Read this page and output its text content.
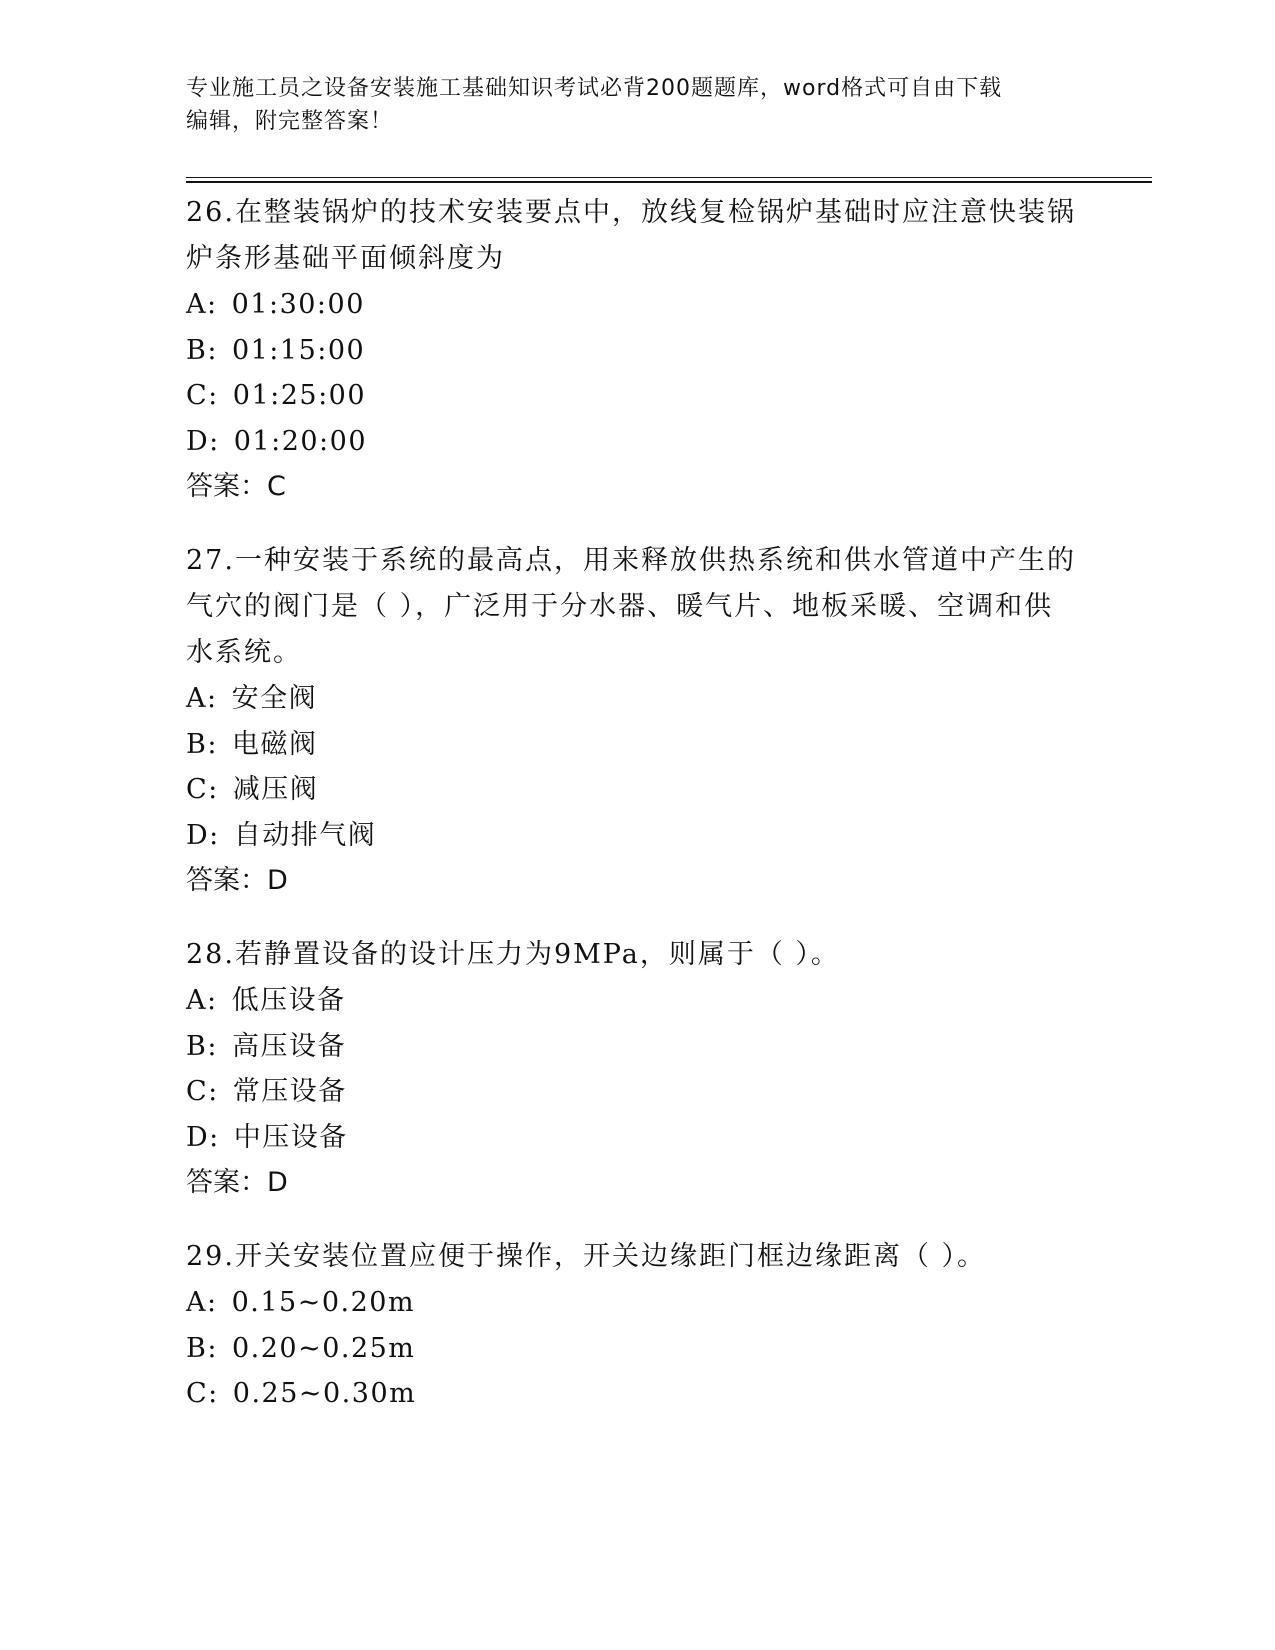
专业施工员之设备安装施工基础知识考试必背200题题库，word格式可自由下载
编辑，附完整答案！
26.在整装锅炉的技术安装要点中，放线复检锅炉基础时应注意快装锅
炉条形基础平面倾斜度为
A: 01:30:00
B: 01:15:00
C: 01:25:00
D: 01:20:00
答案：C
27.一种安装于系统的最高点，用来释放供热系统和供水管道中产生的
气穴的阀门是（ ），广泛用于分水器、暖气片、地板采暖、空调和供
水系统。
A: 安全阀
B: 电磁阀
C: 减压阀
D: 自动排气阀
答案：D
28.若静置设备的设计压力为9MPa，则属于（ ）。
A: 低压设备
B: 高压设备
C: 常压设备
D: 中压设备
答案：D
29.开关安装位置应便于操作，开关边缘距门框边缘距离（ ）。
A: 0.15~0.20m
B: 0.20~0.25m
C: 0.25~0.30m
